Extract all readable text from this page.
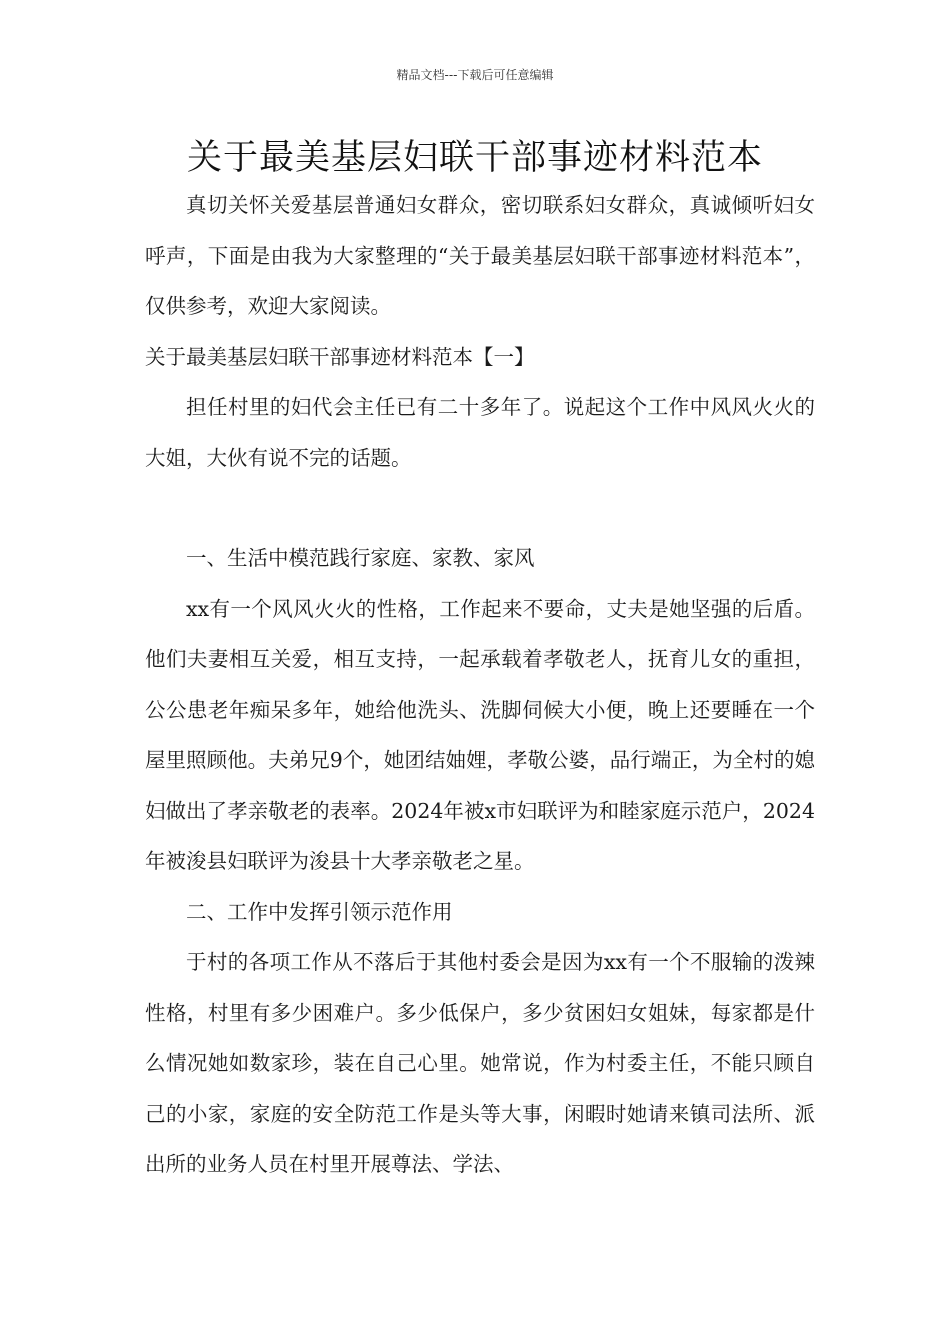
精品文档---下载后可任意编辑
关于最美基层妇联干部事迹材料范本

真切关怀关爱基层普通妇女群众，密切联系妇女群众，真诚倾听妇女呼声，下面是由我为大家整理的“关于最美基层妇联干部事迹材料范本”，仅供参考，欢迎大家阅读。

关于最美基层妇联干部事迹材料范本【一】

担任村里的妇代会主任已有二十多年了。说起这个工作中风风火火的大姐，大伙有说不完的话题。

一、生活中模范践行家庭、家教、家风

xx有一个风风火火的性格，工作起来不要命，丈夫是她坚强的后盾。他们夫妻相互关爱，相互支持，一起承载着孝敬老人，抚育儿女的重担，公公患老年痴呆多年，她给他洗头、洗脚伺候大小便，晚上还要睡在一个屋里照顾他。夫弟兄9个，她团结妯娌，孝敬公婆，品行端正，为全村的媳妇做出了孝亲敬老的表率。2024年被x市妇联评为和睦家庭示范户，2024年被浚县妇联评为浚县十大孝亲敬老之星。

二、工作中发挥引领示范作用

于村的各项工作从不落后于其他村委会是因为xx有一个不服输的泼辣性格，村里有多少困难户。多少低保户，多少贫困妇女姐妹，每家都是什么情况她如数家珍，装在自己心里。她常说，作为村委主任，不能只顾自己的小家，家庭的安全防范工作是头等大事，闲暇时她请来镇司法所、派出所的业务人员在村里开展尊法、学法、
